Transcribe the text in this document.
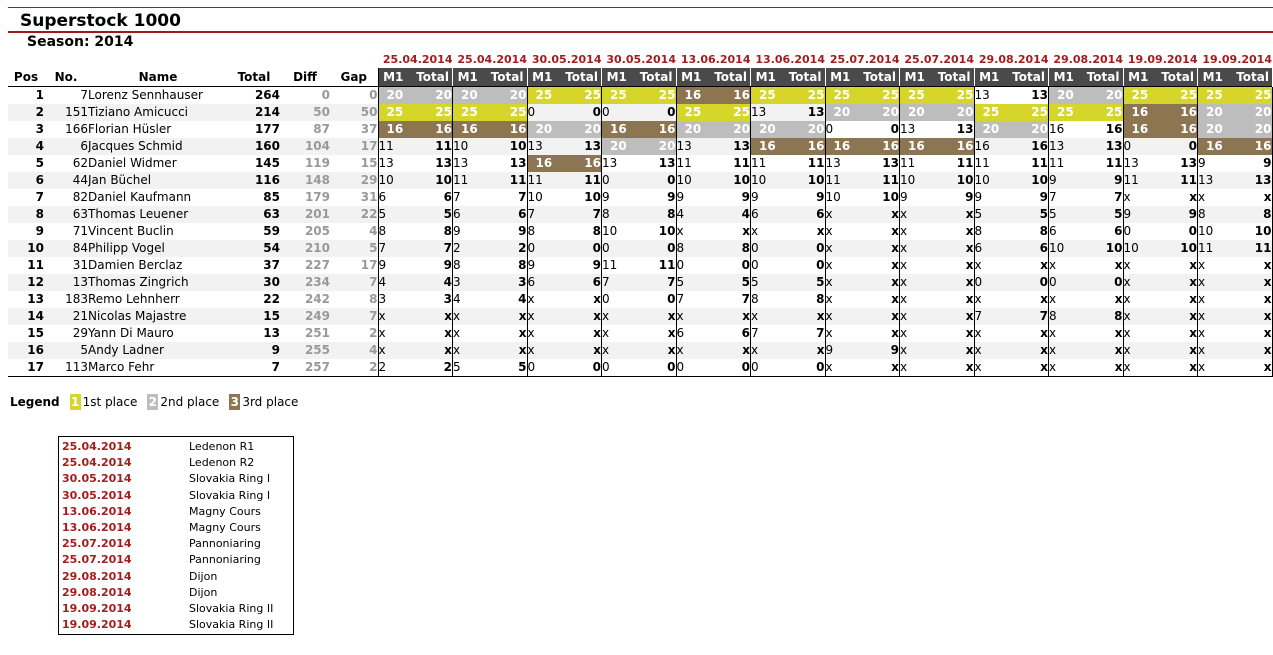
Superstock 1000
Season: 2014
						25.04.2014		25.04.2014		30.05.2014		30.05.2014		13.06.2014		13.06.2014		25.07.2014		25.07.2014		29.08.2014		29.08.2014		19.09.2014		19.09.2014	
Pos	No.	Name	Total	Diff	Gap	M1	Total	M1	Total	M1	Total	M1	Total	M1	Total	M1	Total	M1	Total	M1	Total	M1	Total	M1	Total	M1	Total	M1	Total

1	7	Lorenz Sennhauser	264	0	0	20	20	20	20	25	25	25	25	16	16	25	25	25	25	25	25	13	13	20	20	25	25	25	25
2	151	Tiziano Amicucci	214	50	50	25	25	25	25	0	0	0	0	25	25	13	13	20	20	20	20	25	25	25	25	16	16	20	20
3	166	Florian Hüsler	177	87	37	16	16	16	16	20	20	16	16	20	20	20	20	0	0	13	13	20	20	16	16	16	16	20	20
4	6	Jacques Schmid	160	104	17	11	11	10	10	13	13	20	20	13	13	16	16	16	16	16	16	16	16	13	13	0	0	16	16
5	62	Daniel Widmer	145	119	15	13	13	13	13	16	16	13	13	11	11	11	11	13	13	11	11	11	11	11	11	13	13	9	9
6	44	Jan Büchel	116	148	29	10	10	11	11	11	11	0	0	10	10	10	10	11	11	10	10	10	10	9	9	11	11	13	13
7	82	Daniel Kaufmann	85	179	31	6	6	7	7	10	10	9	9	9	9	9	9	10	10	9	9	9	9	7	7	x	x	x	x
8	63	Thomas Leuener	63	201	22	5	5	6	6	7	7	8	8	4	4	6	6	x	x	x	x	5	5	5	5	9	9	8	8
9	71	Vincent Buclin	59	205	4	8	8	9	9	8	8	10	10	x	x	x	x	x	x	x	x	8	8	6	6	0	0	10	10
10	84	Philipp Vogel	54	210	5	7	7	2	2	0	0	0	0	8	8	0	0	x	x	x	x	6	6	10	10	10	10	11	11
11	31	Damien Berclaz	37	227	17	9	9	8	8	9	9	11	11	0	0	0	0	x	x	x	x	x	x	x	x	x	x	x	x
12	13	Thomas Zingrich	30	234	7	4	4	3	3	6	6	7	7	5	5	5	5	x	x	x	x	0	0	0	0	x	x	x	x
13	183	Remo Lehnherr	22	242	8	3	3	4	4	x	x	0	0	7	7	8	8	x	x	x	x	x	x	x	x	x	x	x	x
14	21	Nicolas Majastre	15	249	7	x	x	x	x	x	x	x	x	x	x	x	x	x	x	x	x	7	7	8	8	x	x	x	x
15	29	Yann Di Mauro	13	251	2	x	x	x	x	x	x	x	x	6	6	7	7	x	x	x	x	x	x	x	x	x	x	x	x
16	5	Andy Ladner	9	255	4	x	x	x	x	x	x	x	x	x	x	x	x	9	9	x	x	x	x	x	x	x	x	x	x
17	113	Marco Fehr	7	257	2	2	2	5	5	0	0	0	0	0	0	0	0	x	x	x	x	x	x	x	x	x	x	x	x

Legend 1 1st place 2 2nd place 3 3rd place
25.04.2014	Ledenon R1
25.04.2014	Ledenon R2
30.05.2014	Slovakia Ring I
30.05.2014	Slovakia Ring I
13.06.2014	Magny Cours
13.06.2014	Magny Cours
25.07.2014	Pannoniaring
25.07.2014	Pannoniaring
29.08.2014	Dijon
29.08.2014	Dijon
19.09.2014	Slovakia Ring II
19.09.2014	Slovakia Ring II
